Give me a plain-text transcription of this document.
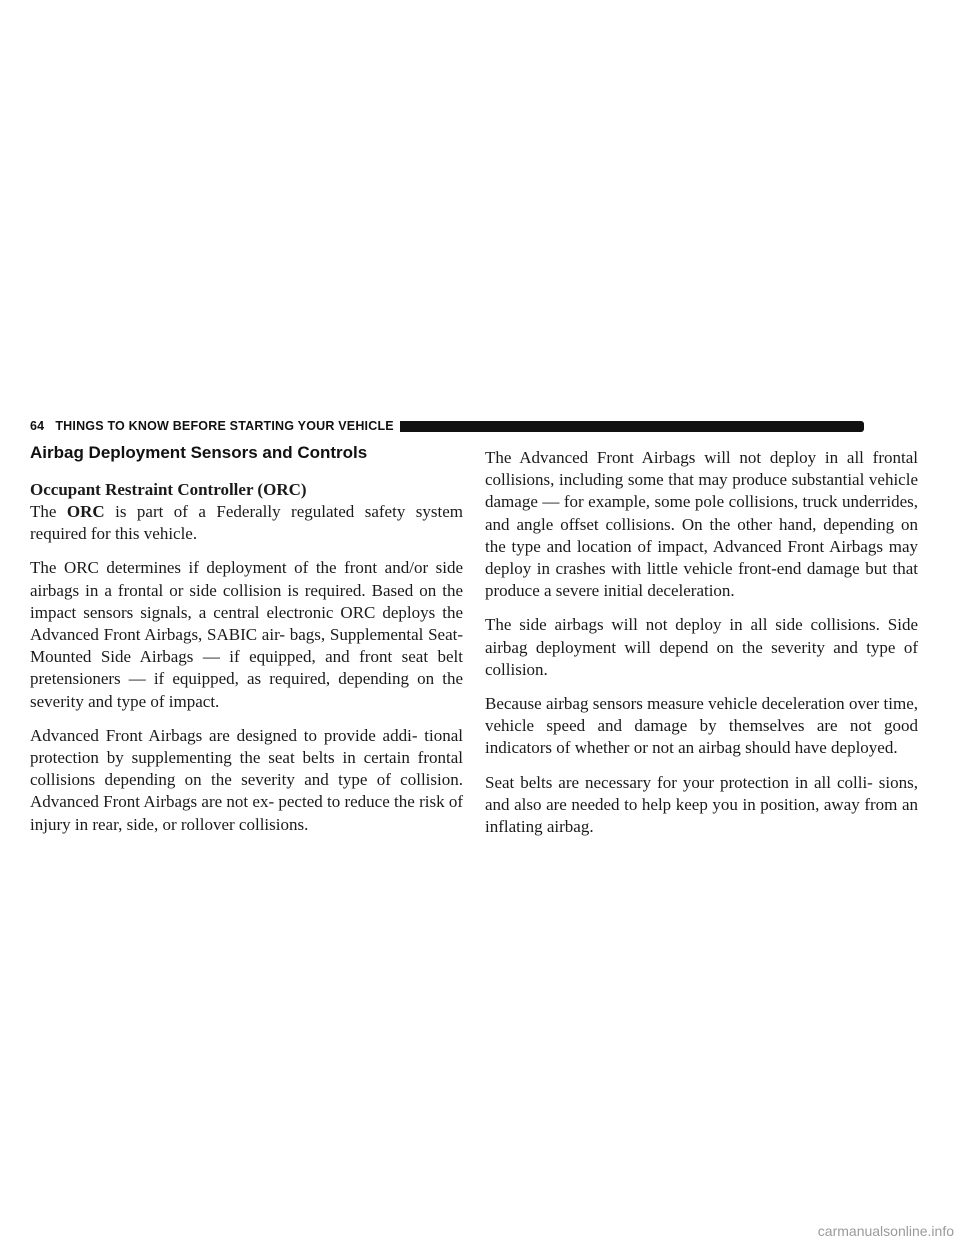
64 THINGS TO KNOW BEFORE STARTING YOUR VEHICLE
Airbag Deployment Sensors and Controls
Occupant Restraint Controller (ORC)

The ORC is part of a Federally regulated safety system required for this vehicle.

The ORC determines if deployment of the front and/or side airbags in a frontal or side collision is required. Based on the impact sensors signals, a central electronic ORC deploys the Advanced Front Airbags, SABIC air- bags, Supplemental Seat-Mounted Side Airbags — if equipped, and front seat belt pretensioners — if equipped, as required, depending on the severity and type of impact.

Advanced Front Airbags are designed to provide addi- tional protection by supplementing the seat belts in certain frontal collisions depending on the severity and type of collision. Advanced Front Airbags are not ex- pected to reduce the risk of injury in rear, side, or rollover collisions.

The Advanced Front Airbags will not deploy in all frontal collisions, including some that may produce substantial vehicle damage — for example, some pole collisions, truck underrides, and angle offset collisions. On the other hand, depending on the type and location of impact, Advanced Front Airbags may deploy in crashes with little vehicle front-end damage but that produce a severe initial deceleration.

The side airbags will not deploy in all side collisions. Side airbag deployment will depend on the severity and type of collision.

Because airbag sensors measure vehicle deceleration over time, vehicle speed and damage by themselves are not good indicators of whether or not an airbag should have deployed.

Seat belts are necessary for your protection in all colli- sions, and also are needed to help keep you in position, away from an inflating airbag.

carmanualsonline.info
